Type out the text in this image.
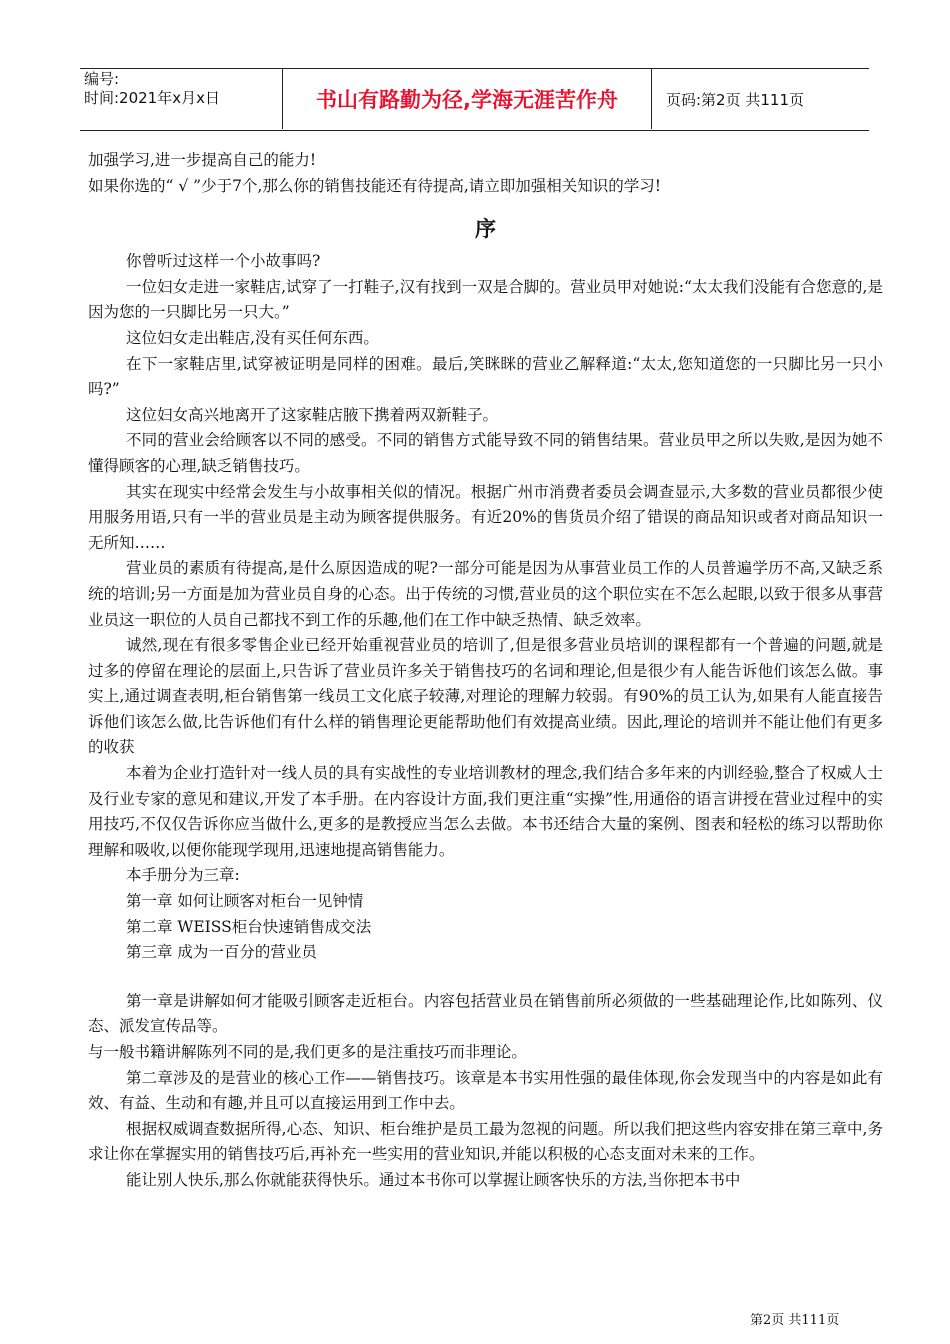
编号:
时间:2021年x月x日	书山有路勤为径,学海无涯苦作舟	页码:第2页 共111页

加强学习,进一步提高自己的能力!

如果你选的“ √ ”少于7个,那么你的销售技能还有待提高,请立即加强相关知识的学习!

序

你曾听过这样一个小故事吗?

一位妇女走进一家鞋店,试穿了一打鞋子,汉有找到一双是合脚的。营业员甲对她说:“太太我们没能有合您意的,是因为您的一只脚比另一只大。”

这位妇女走出鞋店,没有买任何东西。

在下一家鞋店里,试穿被证明是同样的困难。最后,笑眯眯的营业乙解释道:“太太,您知道您的一只脚比另一只小吗?”

这位妇女高兴地离开了这家鞋店腋下携着两双新鞋子。

不同的营业会给顾客以不同的感受。不同的销售方式能导致不同的销售结果。营业员甲之所以失败,是因为她不懂得顾客的心理,缺乏销售技巧。

其实在现实中经常会发生与小故事相关似的情况。根据广州市消费者委员会调查显示,大多数的营业员都很少使用服务用语,只有一半的营业员是主动为顾客提供服务。有近20%的售货员介绍了错误的商品知识或者对商品知识一无所知……

营业员的素质有待提高,是什么原因造成的呢?一部分可能是因为从事营业员工作的人员普遍学历不高,又缺乏系统的培训;另一方面是加为营业员自身的心态。出于传统的习惯,营业员的这个职位实在不怎么起眼,以致于很多从事营业员这一职位的人员自己都找不到工作的乐趣,他们在工作中缺乏热情、缺乏效率。

诚然,现在有很多零售企业已经开始重视营业员的培训了,但是很多营业员培训的课程都有一个普遍的问题,就是过多的停留在理论的层面上,只告诉了营业员许多关于销售技巧的名词和理论,但是很少有人能告诉他们该怎么做。事实上,通过调查表明,柜台销售第一线员工文化底子较薄,对理论的理解力较弱。有90%的员工认为,如果有人能直接告诉他们该怎么做,比告诉他们有什么样的销售理论更能帮助他们有效提高业绩。因此,理论的培训并不能让他们有更多的收获

本着为企业打造针对一线人员的具有实战性的专业培训教材的理念,我们结合多年来的内训经验,整合了权威人士及行业专家的意见和建议,开发了本手册。在内容设计方面,我们更注重“实操”性,用通俗的语言讲授在营业过程中的实用技巧,不仅仅告诉你应当做什么,更多的是教授应当怎么去做。本书还结合大量的案例、图表和轻松的练习以帮助你理解和吸收,以便你能现学现用,迅速地提高销售能力。

本手册分为三章:

第一章 如何让顾客对柜台一见钟情

第二章 WEISS柜台快速销售成交法

第三章 成为一百分的营业员

第一章是讲解如何才能吸引顾客走近柜台。内容包括营业员在销售前所必须做的一些基础理论作,比如陈列、仪态、派发宣传品等。

与一般书籍讲解陈列不同的是,我们更多的是注重技巧而非理论。

第二章涉及的是营业的核心工作——销售技巧。该章是本书实用性强的最佳体现,你会发现当中的内容是如此有效、有益、生动和有趣,并且可以直接运用到工作中去。

根据权威调查数据所得,心态、知识、柜台维护是员工最为忽视的问题。所以我们把这些内容安排在第三章中,务求让你在掌握实用的销售技巧后,再补充一些实用的营业知识,并能以积极的心态支面对未来的工作。

能让别人快乐,那么你就能获得快乐。通过本书你可以掌握让顾客快乐的方法,当你把本书中

第2页 共111页
